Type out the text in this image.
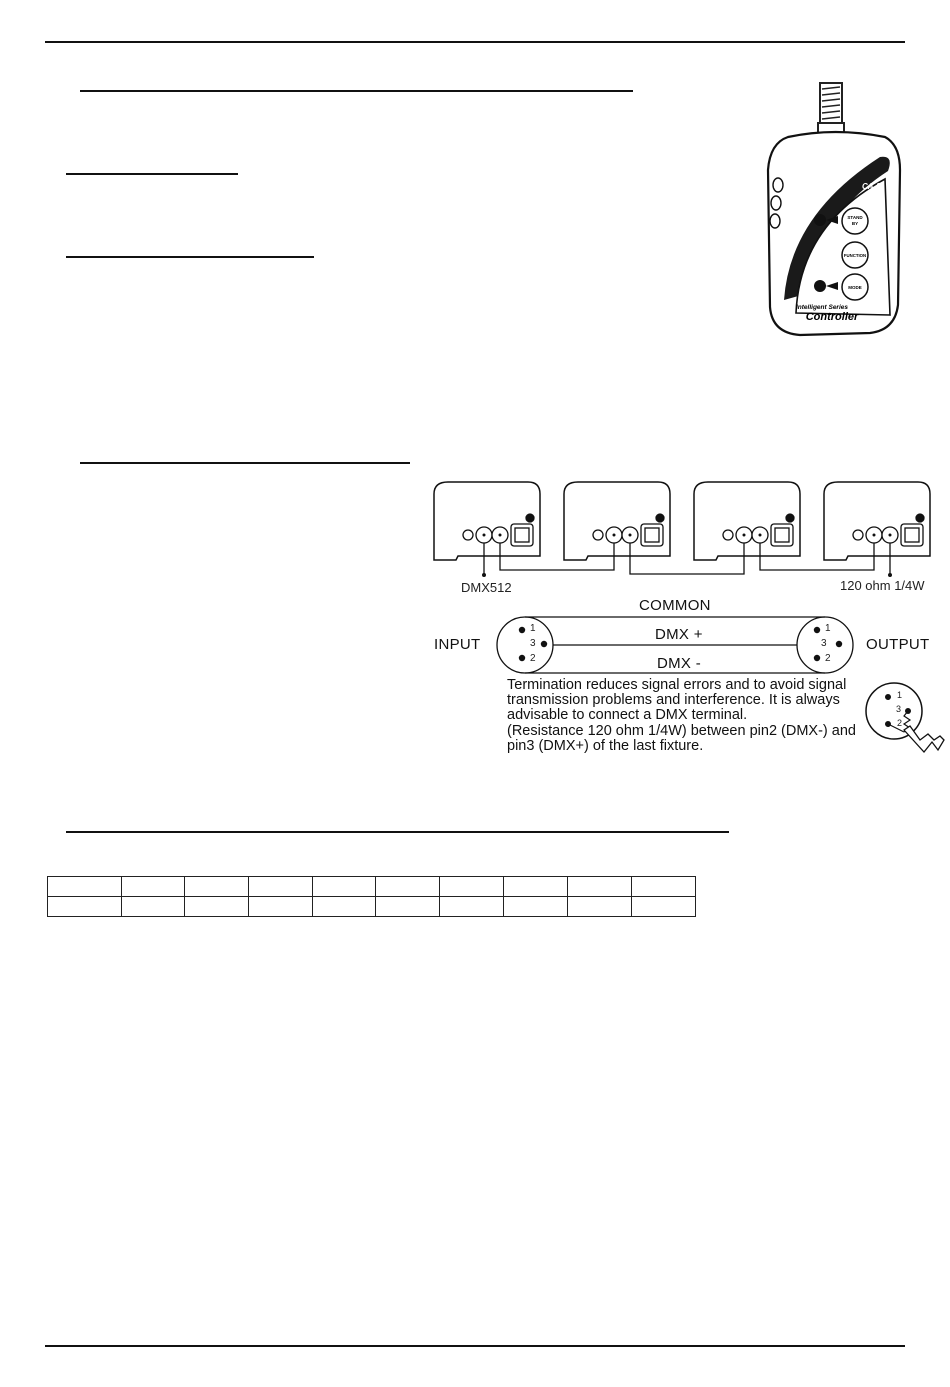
CA-8
STAND
BY
FUNCTION
MODE
Intelligent Series
Controller
DMX512	120 ohm 1/4W
1
3
2
1
3
2
COMMON
DMX +
DMX -
INPUT	OUTPUT
Termination reduces signal errors and to avoid signal
transmission problems and interference. It is always
advisable to connect a DMX terminal.
(Resistance 120 ohm 1/4W) between pin2 (DMX-) and
pin3 (DMX+) of the last fixture.
1
3
2
